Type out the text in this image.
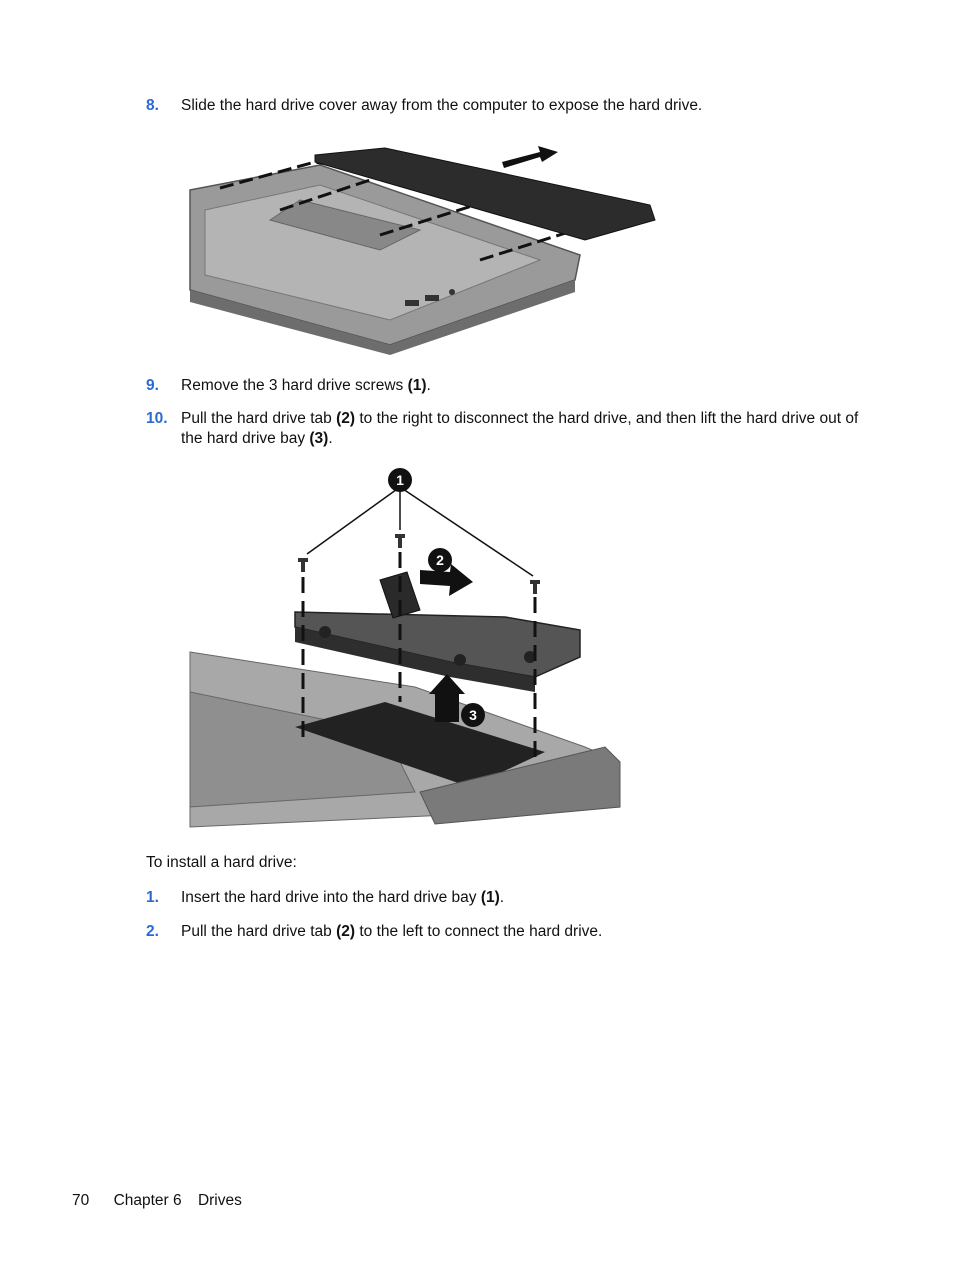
8. Slide the hard drive cover away from the computer to expose the hard drive.
9. Remove the 3 hard drive screws (1).
10. Pull the hard drive tab (2) to the right to disconnect the hard drive, and then lift the hard drive out of the hard drive bay (3).
1
2
3
To install a hard drive:
1. Insert the hard drive into the hard drive bay (1).
2. Pull the hard drive tab (2) to the left to connect the hard drive.
70 Chapter 6 Drives
